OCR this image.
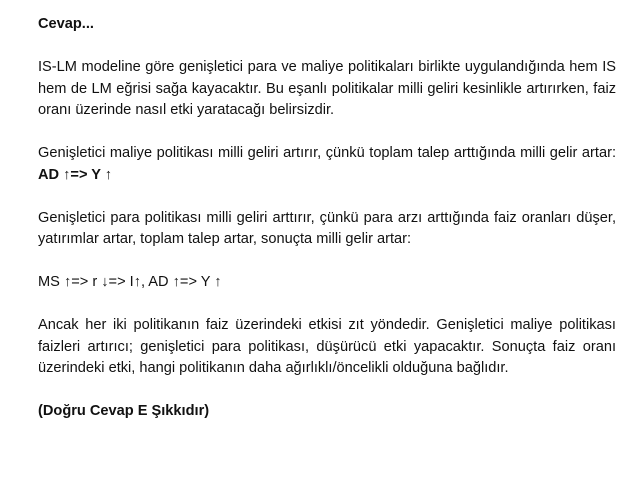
Cevap...

IS-LM modeline göre genişletici para ve maliye politikaları birlikte uygulandığında hem IS hem de LM eğrisi sağa kayacaktır. Bu eşanlı politikalar milli geliri kesinlikle artırırken, faiz oranı üzerinde nasıl etki yaratacağı belirsizdir.

Genişletici maliye politikası milli geliri artırır, çünkü toplam talep arttığında milli gelir artar: AD ↑=> Y ↑

Genişletici para politikası milli geliri arttırır, çünkü para arzı arttığında faiz oranları düşer, yatırımlar artar, toplam talep artar, sonuçta milli gelir artar:

MS ↑=> r ↓=> I↑, AD ↑=> Y ↑

Ancak her iki politikanın faiz üzerindeki etkisi zıt yöndedir. Genişletici maliye politikası faizleri artırıcı; genişletici para politikası, düşürücü etki yapacaktır. Sonuçta faiz oranı üzerindeki etki, hangi politikanın daha ağırlıklı/öncelikli olduğuna bağlıdır.

(Doğru Cevap E Şıkkıdır)
